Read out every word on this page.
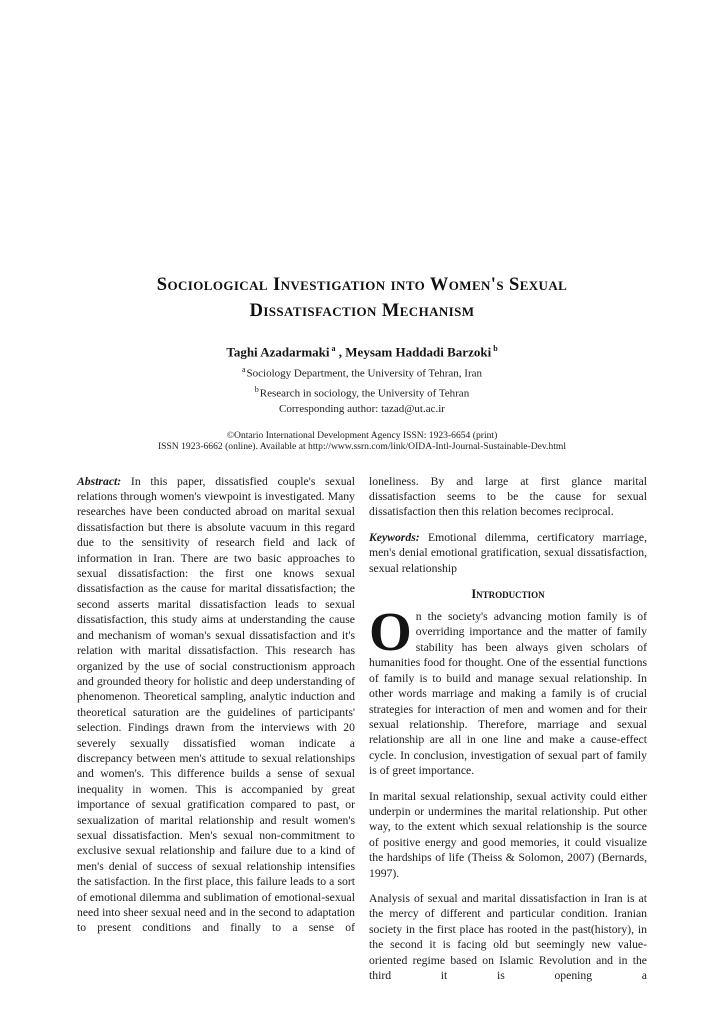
Sociological Investigation into Women's Sexual
Dissatisfaction Mechanism

Taghi Azadarmaki $^a$ , Meysam Haddadi Barzoki $^b$

$^a$Sociology Department, the University of Tehran, Iran

$^b$Research in sociology, the University of Tehran

Corresponding author: tazad@ut.ac.ir

©Ontario International Development Agency ISSN: 1923-6654 (print)

ISSN 1923-6662 (online). Available at http://www.ssrn.com/link/OIDA-Intl-Journal-Sustainable-Dev.html

Abstract: In this paper, dissatisfied couple's sexual relations through women's viewpoint is investigated. Many researches have been conducted abroad on marital sexual dissatisfaction but there is absolute vacuum in this regard due to the sensitivity of research field and lack of information in Iran. There are two basic approaches to sexual dissatisfaction: the first one knows sexual dissatisfaction as the cause for marital dissatisfaction; the second asserts marital dissatisfaction leads to sexual dissatisfaction, this study aims at understanding the cause and mechanism of woman's sexual dissatisfaction and it's relation with marital dissatisfaction. This research has organized by the use of social constructionism approach and grounded theory for holistic and deep understanding of phenomenon. Theoretical sampling, analytic induction and theoretical saturation are the guidelines of participants' selection. Findings drawn from the interviews with 20 severely sexually dissatisfied woman indicate a discrepancy between men's attitude to sexual relationships and women's. This difference builds a sense of sexual inequality in women. This is accompanied by great importance of sexual gratification compared to past, or sexualization of marital relationship and result women's sexual dissatisfaction. Men's sexual non-commitment to exclusive sexual relationship and failure due to a kind of men's denial of success of sexual relationship intensifies the satisfaction. In the first place, this failure leads to a sort of emotional dilemma and sublimation of emotional-sexual need into sheer sexual need and in the second to adaptation to present conditions and finally to a sense of

loneliness. By and large at first glance marital dissatisfaction seems to be the cause for sexual dissatisfaction then this relation becomes reciprocal.

Keywords: Emotional dilemma, certificatory marriage, men's denial emotional gratification, sexual dissatisfaction, sexual relationship

Introduction

On the society's advancing motion family is of overriding importance and the matter of family stability has been always given scholars of humanities food for thought. One of the essential functions of family is to build and manage sexual relationship. In other words marriage and making a family is of crucial strategies for interaction of men and women and for their sexual relationship. Therefore, marriage and sexual relationship are all in one line and make a cause-effect cycle. In conclusion, investigation of sexual part of family is of greet importance.

In marital sexual relationship, sexual activity could either underpin or undermines the marital relationship. Put other way, to the extent which sexual relationship is the source of positive energy and good memories, it could visualize the hardships of life (Theiss & Solomon, 2007) (Bernards, 1997).

Analysis of sexual and marital dissatisfaction in Iran is at the mercy of different and particular condition. Iranian society in the first place has rooted in the past(history), in the second it is facing old but seemingly new value-oriented regime based on Islamic Revolution and in the third it is opening a
